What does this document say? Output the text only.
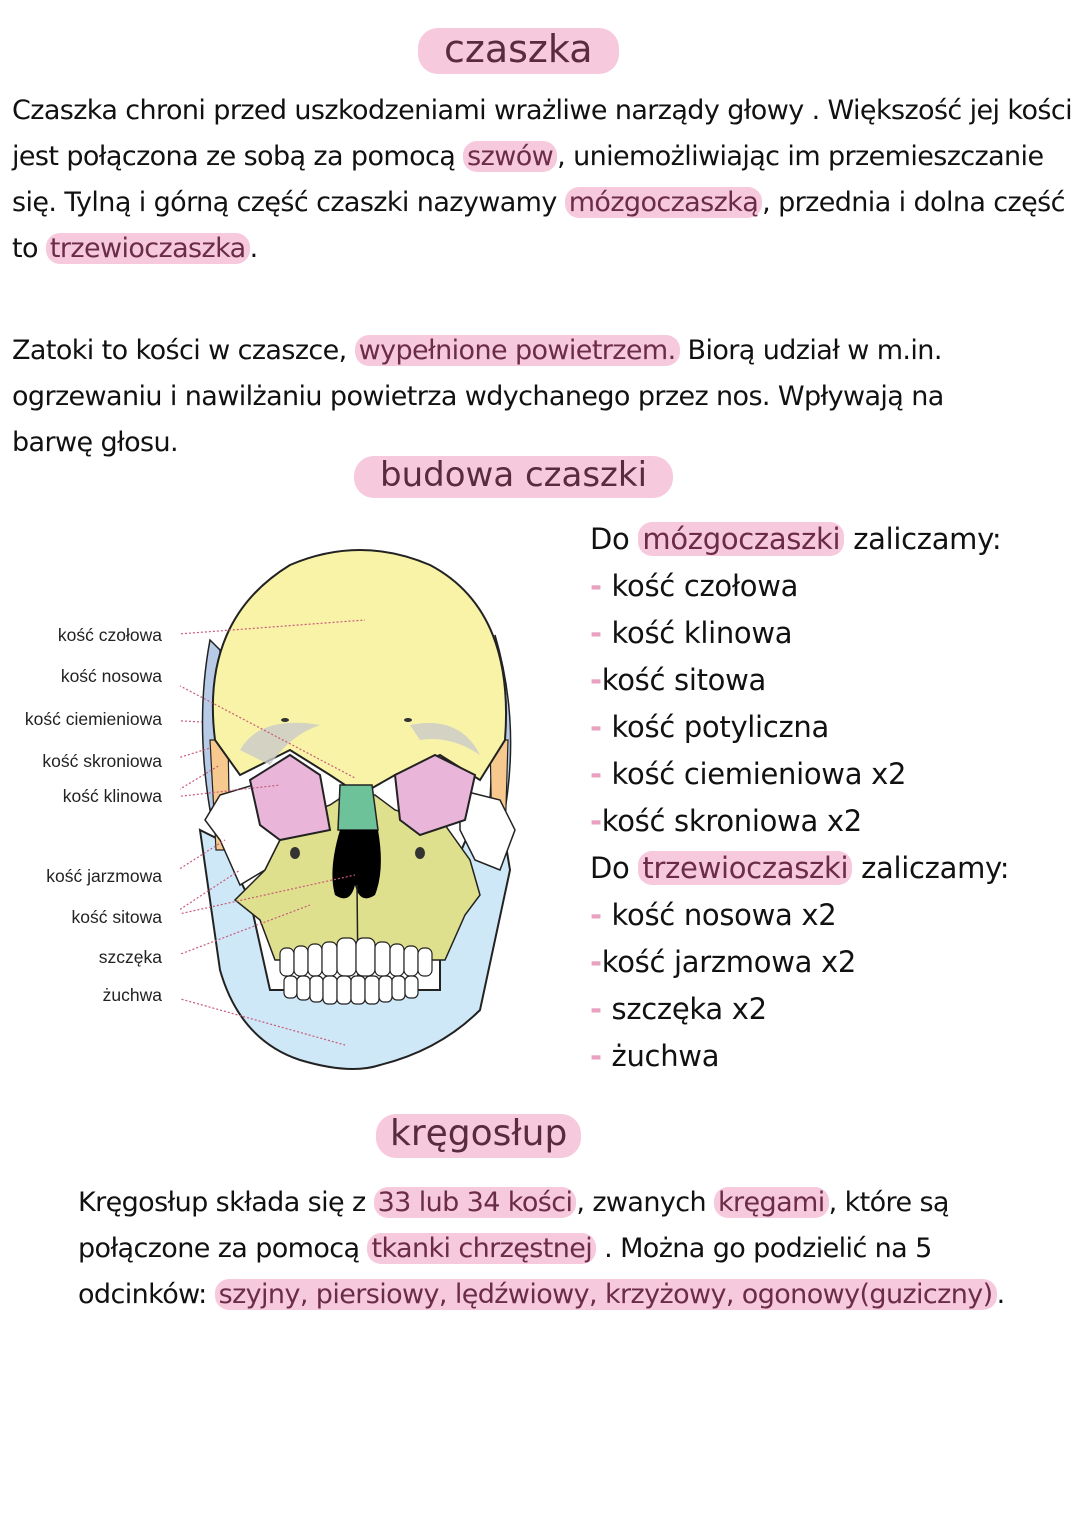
czaszka
Czaszka chroni przed uszkodzeniami wrażliwe narządy głowy . Większość jej kości jest połączona ze sobą za pomocą szwów , uniemożliwiając im przemieszczanie się. Tylną i górną część czaszki nazywamy mózgoczaszką , przednia i dolna część to trzewioczaszka .
Zatoki to kości w czaszce, wypełnione powietrzem. Biorą udział w m.in. ogrzewaniu i nawilżaniu powietrza wdychanego przez nos. Wpływają na barwę głosu.
budowa czaszki
kość czołowa
kość nosowa
kość ciemieniowa
kość skroniowa
kość klinowa
kość jarzmowa
kość sitowa
szczęka
żuchwa
Do mózgoczaszki zaliczamy:
- kość czołowa
- kość klinowa
-kość sitowa
- kość potyliczna
- kość ciemieniowa x2
-kość skroniowa x2
Do trzewioczaszki zaliczamy:
- kość nosowa x2
-kość jarzmowa x2
- szczęka x2
- żuchwa
kręgosłup
Kręgosłup składa się z 33 lub 34 kości , zwanych kręgami , które są połączone za pomocą tkanki chrzęstnej . Można go podzielić na 5 odcinków: szyjny, piersiowy, lędźwiowy, krzyżowy, ogonowy(guziczny) .
